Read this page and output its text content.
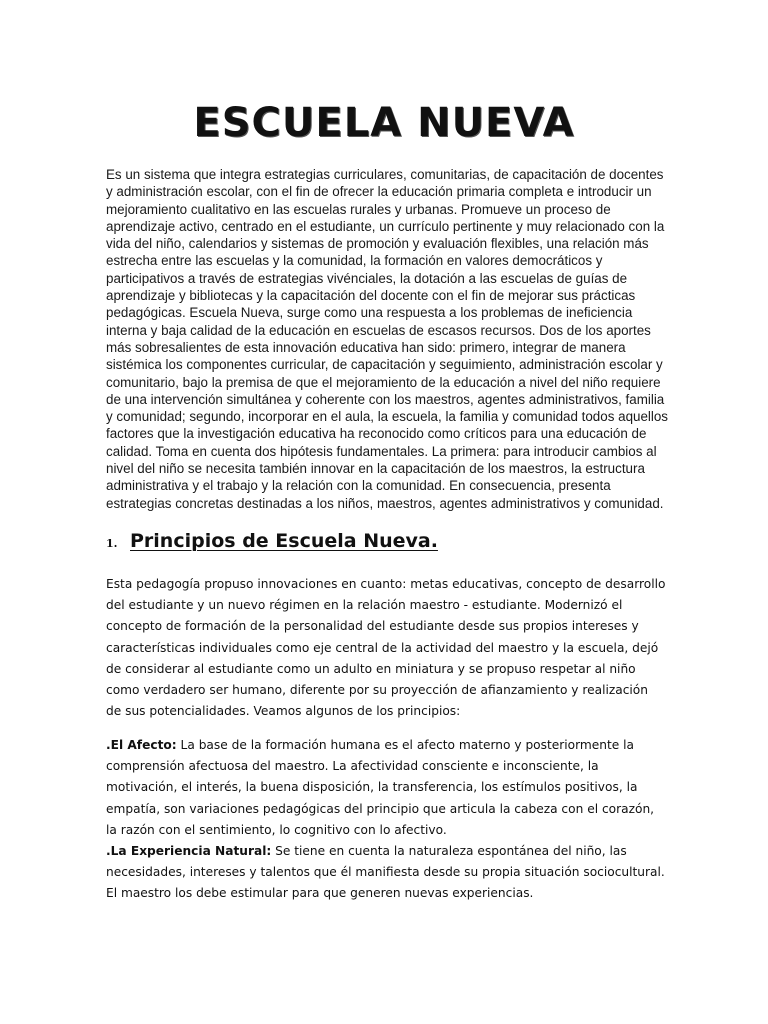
ESCUELA NUEVA

Es un sistema que integra estrategias curriculares, comunitarias, de capacitación de docentes y administración escolar, con el fin de ofrecer la educación primaria completa e introducir un mejoramiento cualitativo en las escuelas rurales y urbanas. Promueve un proceso de aprendizaje activo, centrado en el estudiante, un currículo pertinente y muy relacionado con la vida del niño, calendarios y sistemas de promoción y evaluación flexibles, una relación más estrecha entre las escuelas y la comunidad, la formación en valores democráticos y participativos a través de estrategias vivénciales, la dotación a las escuelas de guías de aprendizaje y bibliotecas y la capacitación del docente con el fin de mejorar sus prácticas pedagógicas. Escuela Nueva, surge como una respuesta a los problemas de ineficiencia interna y baja calidad de la educación en escuelas de escasos recursos. Dos de los aportes más sobresalientes de esta innovación educativa han sido: primero, integrar de manera sistémica los componentes curricular, de capacitación y seguimiento, administración escolar y comunitario, bajo la premisa de que el mejoramiento de la educación a nivel del niño requiere de una intervención simultánea y coherente con los maestros, agentes administrativos, familia y comunidad; segundo, incorporar en el aula, la escuela, la familia y comunidad todos aquellos factores que la investigación educativa ha reconocido como críticos para una educación de calidad. Toma en cuenta dos hipótesis fundamentales. La primera: para introducir cambios al nivel del niño se necesita también innovar en la capacitación de los maestros, la estructura administrativa y el trabajo y la relación con la comunidad. En consecuencia, presenta estrategias concretas destinadas a los niños, maestros, agentes administrativos y comunidad.

1. Principios de Escuela Nueva.

Esta pedagogía propuso innovaciones en cuanto: metas educativas, concepto de desarrollo del estudiante y un nuevo régimen en la relación maestro - estudiante. Modernizó el concepto de formación de la personalidad del estudiante desde sus propios intereses y características individuales como eje central de la actividad del maestro y la escuela, dejó de considerar al estudiante como un adulto en miniatura y se propuso respetar al niño como verdadero ser humano, diferente por su proyección de afianzamiento y realización de sus potencialidades. Veamos algunos de los principios:

.El Afecto: La base de la formación humana es el afecto materno y posteriormente la comprensión afectuosa del maestro. La afectividad consciente e inconsciente, la motivación, el interés, la buena disposición, la transferencia, los estímulos positivos, la empatía, son variaciones pedagógicas del principio que articula la cabeza con el corazón, la razón con el sentimiento, lo cognitivo con lo afectivo.
.La Experiencia Natural: Se tiene en cuenta la naturaleza espontánea del niño, las necesidades, intereses y talentos que él manifiesta desde su propia situación sociocultural. El maestro los debe estimular para que generen nuevas experiencias.
